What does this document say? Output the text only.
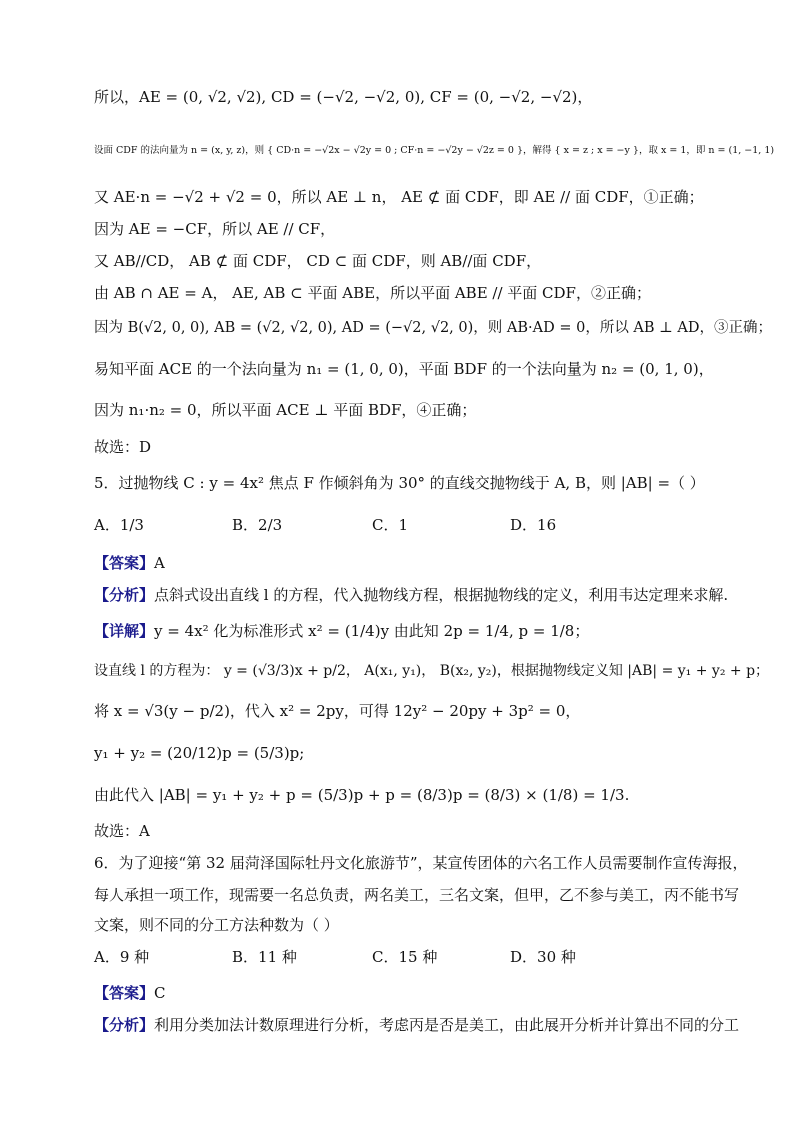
所以，AE = (0, √2, √2), CD = (−√2, −√2, 0), CF = (0, −√2, −√2)，
设面 CDF 的法向量为 n = (x, y, z)，则 { CD·n = −√2x − √2y = 0 ; CF·n = −√2y − √2z = 0 }，解得 { x = z ; x = −y }，取 x = 1，即 n = (1, −1, 1)
又 AE·n = −√2 + √2 = 0，所以 AE ⊥ n， AE ⊄ 面 CDF，即 AE // 面 CDF，①正确；
因为 AE = −CF，所以 AE // CF，
又 AB//CD， AB ⊄ 面 CDF， CD ⊂ 面 CDF，则 AB//面 CDF，
由 AB ∩ AE = A， AE, AB ⊂ 平面 ABE，所以平面 ABE // 平面 CDF，②正确；
因为 B(√2, 0, 0), AB = (√2, √2, 0), AD = (−√2, √2, 0)，则 AB·AD = 0，所以 AB ⊥ AD，③正确；
易知平面 ACE 的一个法向量为 n₁ = (1, 0, 0)，平面 BDF 的一个法向量为 n₂ = (0, 1, 0)，
因为 n₁·n₂ = 0，所以平面 ACE ⊥ 平面 BDF，④正确；
故选：D
5．过抛物线 C : y = 4x² 焦点 F 作倾斜角为 30° 的直线交抛物线于 A, B，则 |AB| =（ ）
A．1/3	B．2/3	C．1	D．16
【答案】A
【分析】点斜式设出直线 l 的方程，代入抛物线方程，根据抛物线的定义，利用韦达定理来求解.
【详解】y = 4x² 化为标准形式 x² = (1/4)y 由此知 2p = 1/4, p = 1/8；
设直线 l 的方程为： y = (√3/3)x + p/2， A(x₁, y₁)， B(x₂, y₂)，根据抛物线定义知 |AB| = y₁ + y₂ + p；
将 x = √3(y − p/2)，代入 x² = 2py，可得 12y² − 20py + 3p² = 0，
y₁ + y₂ = (20/12)p = (5/3)p;
由此代入 |AB| = y₁ + y₂ + p = (5/3)p + p = (8/3)p = (8/3) × (1/8) = 1/3.
故选：A
6．为了迎接“第 32 届菏泽国际牡丹文化旅游节”，某宣传团体的六名工作人员需要制作宣传海报，
每人承担一项工作，现需要一名总负责，两名美工，三名文案，但甲，乙不参与美工，丙不能书写
文案，则不同的分工方法种数为（ ）
A．9 种	B．11 种	C．15 种	D．30 种
【答案】C
【分析】利用分类加法计数原理进行分析，考虑丙是否是美工，由此展开分析并计算出不同的分工
